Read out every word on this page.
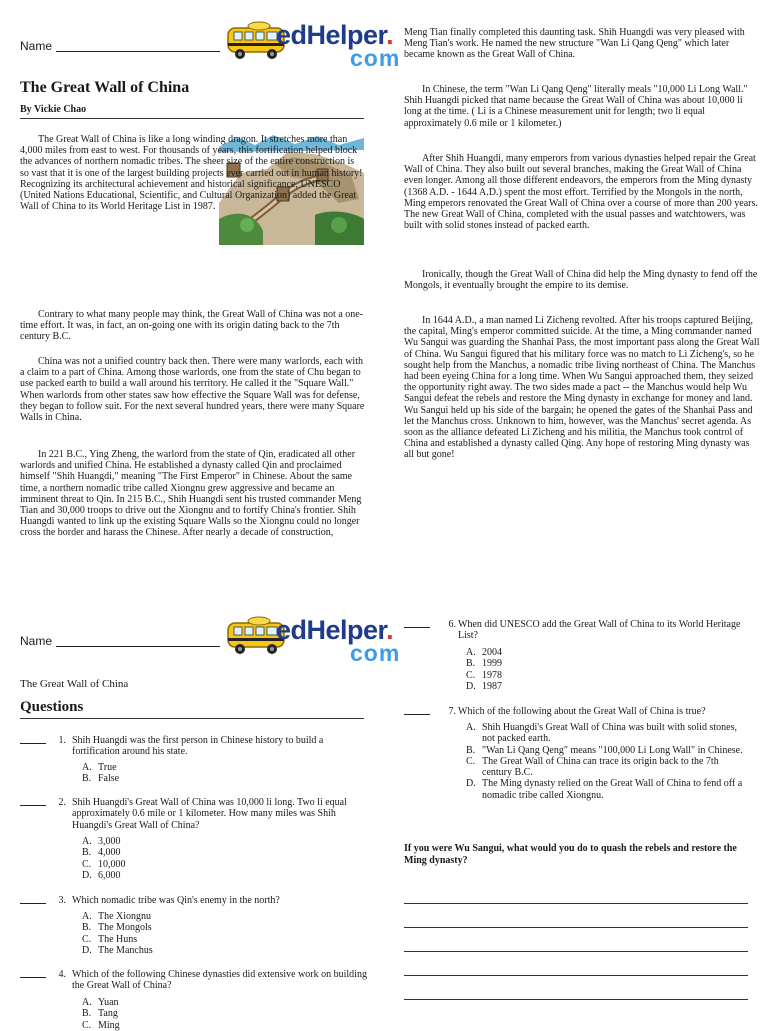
Name	edHelper.
com
The Great Wall of China
By Vickie Chao

The Great Wall of China is like a long winding dragon. It stretches more than 4,000 miles from east to west. For thousands of years, this fortification helped block the advances of northern nomadic tribes. The sheer size of the entire construction is so vast that it is one of the largest building projects ever carried out in human history! Recognizing its architectural achievement and historical significance, UNESCO (United Nations Educational, Scientific, and Cultural Organization) added the Great Wall of China to its World Heritage List in 1987.

Contrary to what many people may think, the Great Wall of China was not a one-time effort. It was, in fact, an on-going one with its origin dating back to the 7th century B.C.

China was not a unified country back then. There were many warlords, each with a claim to a part of China. Among those warlords, one from the state of Chu began to use packed earth to build a wall around his territory. He called it the "Square Wall." When warlords from other states saw how effective the Square Wall was for defense, they began to follow suit. For the next several hundred years, there were many Square Walls in China.

In 221 B.C., Ying Zheng, the warlord from the state of Qin, eradicated all other warlords and unified China. He established a dynasty called Qin and proclaimed himself "Shih Huangdi," meaning "The First Emperor" in Chinese. About the same time, a northern nomadic tribe called Xiongnu grew aggressive and became an imminent threat to Qin. In 215 B.C., Shih Huangdi sent his trusted commander Meng Tian and 30,000 troops to drive out the Xiongnu and to fortify China's frontier. Shih Huangdi wanted to link up the existing Square Walls so the Xiongnu could no longer cross the border and harass the Chinese. After nearly a decade of construction,

Meng Tian finally completed this daunting task. Shih Huangdi was very pleased with Meng Tian's work. He named the new structure "Wan Li Qang Qeng" which later became known as the Great Wall of China.

In Chinese, the term "Wan Li Qang Qeng" literally meals "10,000 Li Long Wall." Shih Huangdi picked that name because the Great Wall of China was about 10,000 li long at the time. ( Li is a Chinese measurement unit for length; two li equal approximately 0.6 mile or 1 kilometer.)

After Shih Huangdi, many emperors from various dynasties helped repair the Great Wall of China. They also built out several branches, making the Great Wall of China even longer. Among all those different endeavors, the emperors from the Ming dynasty (1368 A.D. - 1644 A.D.) spent the most effort. Terrified by the Mongols in the north, Ming emperors renovated the Great Wall of China over a course of more than 200 years. The new Great Wall of China, completed with the usual passes and watchtowers, was built with solid stones instead of packed earth.

Ironically, though the Great Wall of China did help the Ming dynasty to fend off the Mongols, it eventually brought the empire to its demise.

In 1644 A.D., a man named Li Zicheng revolted. After his troops captured Beijing, the capital, Ming's emperor committed suicide. At the time, a Ming commander named Wu Sangui was guarding the Shanhai Pass, the most important pass along the Great Wall of China. Wu Sangui figured that his military force was no match to Li Zicheng's, so he sought help from the Manchus, a nomadic tribe living northeast of China. The Manchus had been eyeing China for a long time. When Wu Sangui approached them, they seized the opportunity right away. The two sides made a pact -- the Manchus would help Wu Sangui defeat the rebels and restore the Ming dynasty in exchange for money and land. Wu Sangui held up his side of the bargain; he opened the gates of the Shanhai Pass and let the Manchus cross. Unknown to him, however, was the Manchus' secret agenda. As soon as the alliance defeated Li Zicheng and his militia, the Manchus took control of China and established a dynasty called Qing. Any hope of restoring Ming dynasty was all but gone!

Name	edHelper.
com
The Great Wall of China
Questions
1. Shih Huangdi was the first person in Chinese history to build a fortification around his state.
A. True
B. False
2. Shih Huangdi's Great Wall of China was 10,000 li long. Two li equal approximately 0.6 mile or 1 kilometer. How many miles was Shih Huangdi's Great Wall of China?
A. 3,000
B. 4,000
C. 10,000
D. 6,000
3. Which nomadic tribe was Qin's enemy in the north?
A. The Xiongnu
B. The Mongols
C. The Huns
D. The Manchus
4. Which of the following Chinese dynasties did extensive work on building the Great Wall of China?
A. Yuan
B. Tang
C. Ming
6. When did UNESCO add the Great Wall of China to its World Heritage List?
A. 2004
B. 1999
C. 1978
D. 1987
7. Which of the following about the Great Wall of China is true?
A. Shih Huangdi's Great Wall of China was built with solid stones, not packed earth.
B. "Wan Li Qang Qeng" means "100,000 Li Long Wall" in Chinese.
C. The Great Wall of China can trace its origin back to the 7th century B.C.
D. The Ming dynasty relied on the Great Wall of China to fend off a nomadic tribe called Xiongnu.
If you were Wu Sangui, what would you do to quash the rebels and restore the Ming dynasty?
